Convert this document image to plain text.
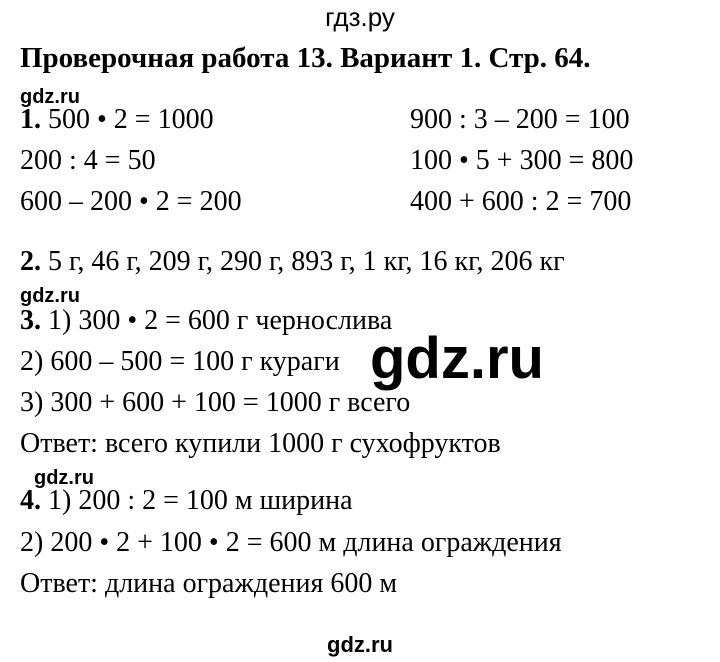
гдз.ру
Проверочная работа 13. Вариант 1. Стр. 64.
gdz.ru
1. 500 • 2 = 1000	900 : 3 – 200 = 100
200 : 4 = 50	100 • 5 + 300 = 800
600 – 200 • 2 = 200	400 + 600 : 2 = 700
2. 5 г, 46 г, 209 г, 290 г, 893 г, 1 кг, 16 кг, 206 кг
gdz.ru
3. 1) 300 • 2 = 600 г чернослива
2) 600 – 500 = 100 г кураги
3) 300 + 600 + 100 = 1000 г всего
Ответ: всего купили 1000 г сухофруктов
gdz.ru
gdz.ru
4. 1) 200 : 2 = 100 м ширина
2) 200 • 2 + 100 • 2 = 600 м длина ограждения
Ответ: длина ограждения 600 м
gdz.ru
